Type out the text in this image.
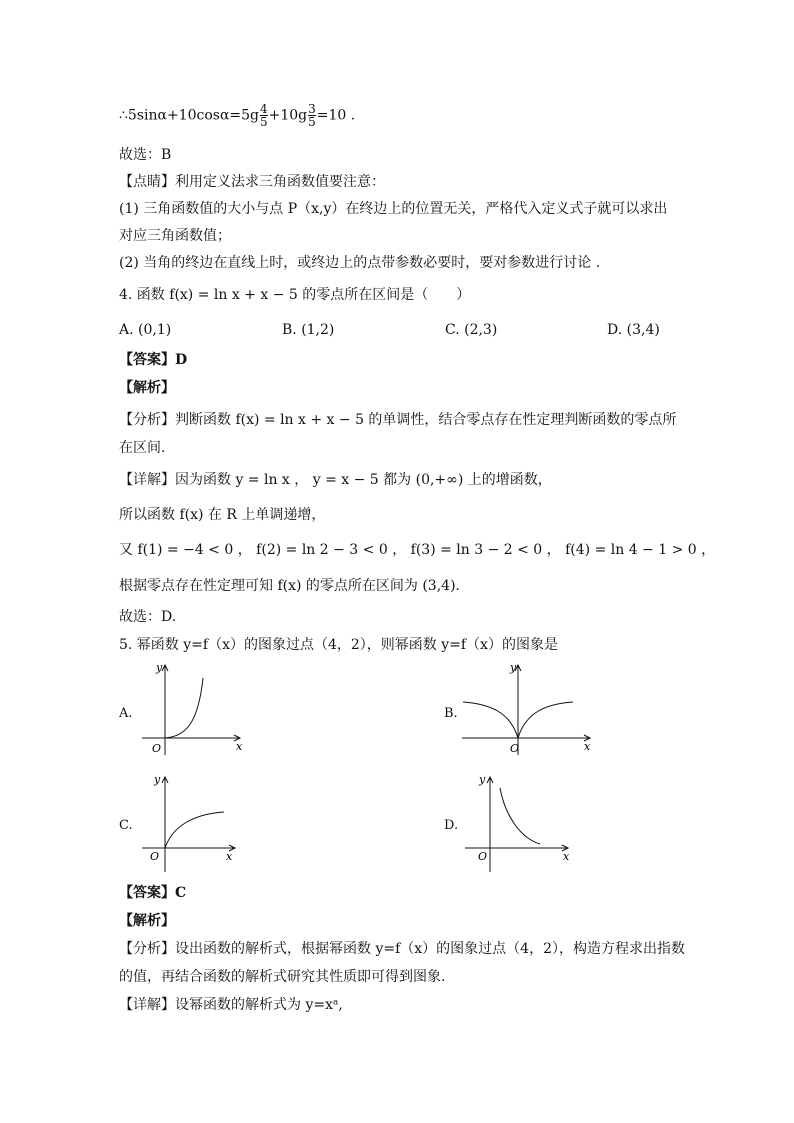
∴5sinα+10cosα=5g $\frac{4}{5} +10g \frac{3}{5} =10$ .
故选：B
【点睛】利用定义法求三角函数值要注意：
(1) 三角函数值的大小与点 P（x,y）在终边上的位置无关，严格代入定义式子就可以求出
对应三角函数值；
(2) 当角的终边在直线上时，或终边上的点带参数必要时，要对参数进行讨论 .
4. 函数 f(x) = ln x + x − 5 的零点所在区间是（　　）
A. (0,1)	B. (1,2)	C. (2,3)	D. (3,4)
【答案】D
【解析】
【分析】判断函数 f(x) = ln x + x − 5 的单调性，结合零点存在性定理判断函数的零点所
在区间.
【详解】因为函数 y = ln x ， y = x − 5 都为 (0,+∞) 上的增函数，
所以函数 f(x) 在 R 上单调递增，
又 f(1) = −4 < 0 ， f(2) = ln 2 − 3 < 0 ， f(3) = ln 3 − 2 < 0 ， f(4) = ln 4 − 1 > 0 ，
根据零点存在性定理可知 f(x) 的零点所在区间为 (3,4).
故选：D.
5. 幂函数 y=f（x）的图象过点（4，2），则幂函数 y=f（x）的图象是
A.	B.
C.	D.
y
x
O
y
x
O
y
x
O
y
x
O
【答案】C
【解析】
【分析】设出函数的解析式，根据幂函数 y=f（x）的图象过点（4，2），构造方程求出指数
的值，再结合函数的解析式研究其性质即可得到图象.
【详解】设幂函数的解析式为 y=xᵃ,
